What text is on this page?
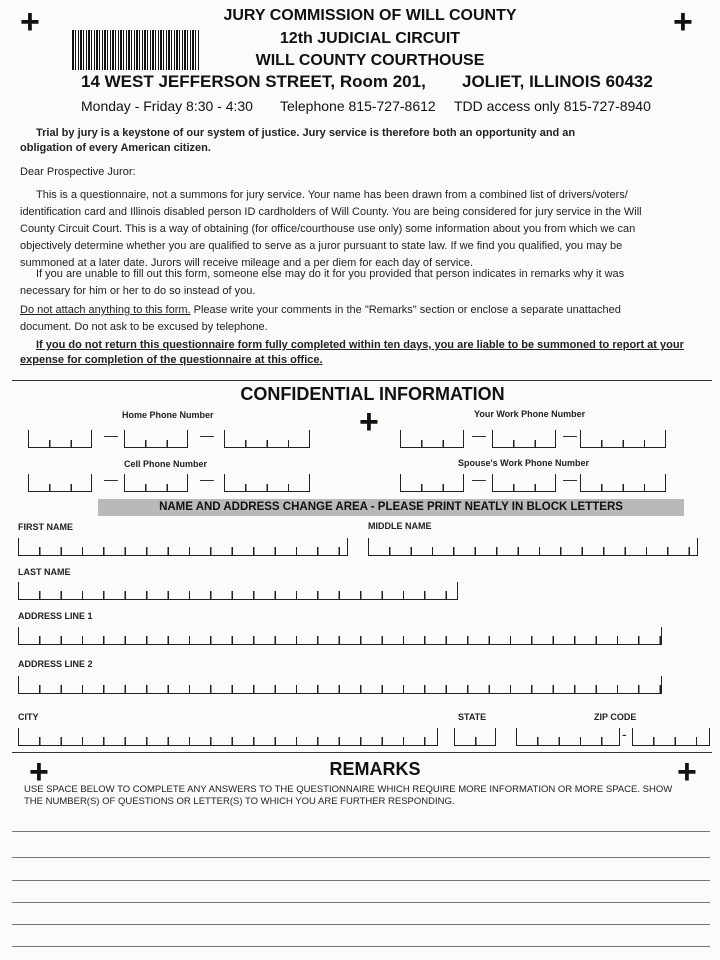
+	+
+
+	+
JURY COMMISSION OF WILL COUNTY
12th JUDICIAL CIRCUIT
WILL COUNTY COURTHOUSE
14 WEST JEFFERSON STREET, Room 201, JOLIET, ILLINOIS 60432
Monday - Friday 8:30 - 4:30 Telephone 815-727-8612 TDD access only 815-727-8940
Trial by jury is a keystone of our system of justice. Jury service is therefore both an opportunity and an obligation of every American citizen.
Dear Prospective Juror:
This is a questionnaire, not a summons for jury service. Your name has been drawn from a combined list of drivers/voters/ identification card and Illinois disabled person ID cardholders of Will County. You are being considered for jury service in the Will County Circuit Court. This is a way of obtaining (for office/courthouse use only) some information about you from which we can objectively determine whether you are qualified to serve as a juror pursuant to state law. If we find you qualified, you may be summoned at a later date. Jurors will receive mileage and a per diem for each day of service.
If you are unable to fill out this form, someone else may do it for you provided that person indicates in remarks why it was necessary for him or her to do so instead of you.
Do not attach anything to this form. Please write your comments in the "Remarks" section or enclose a separate unattached document. Do not ask to be excused by telephone.
If you do not return this questionnaire form fully completed within ten days, you are liable to be summoned to report at your expense for completion of the questionnaire at this office.
CONFIDENTIAL INFORMATION
Home Phone Number	Your Work Phone Number
—	—	—	—
Cell Phone Number	Spouse's Work Phone Number
—	—	—	—
NAME AND ADDRESS CHANGE AREA - PLEASE PRINT NEATLY IN BLOCK LETTERS
FIRST NAME	MIDDLE NAME
LAST NAME
ADDRESS LINE 1
ADDRESS LINE 2
CITY	STATE	ZIP CODE
-
REMARKS
USE SPACE BELOW TO COMPLETE ANY ANSWERS TO THE QUESTIONNAIRE WHICH REQUIRE MORE INFORMATION OR MORE SPACE. SHOW THE NUMBER(S) OF QUESTIONS OR LETTER(S) TO WHICH YOU ARE FURTHER RESPONDING.
